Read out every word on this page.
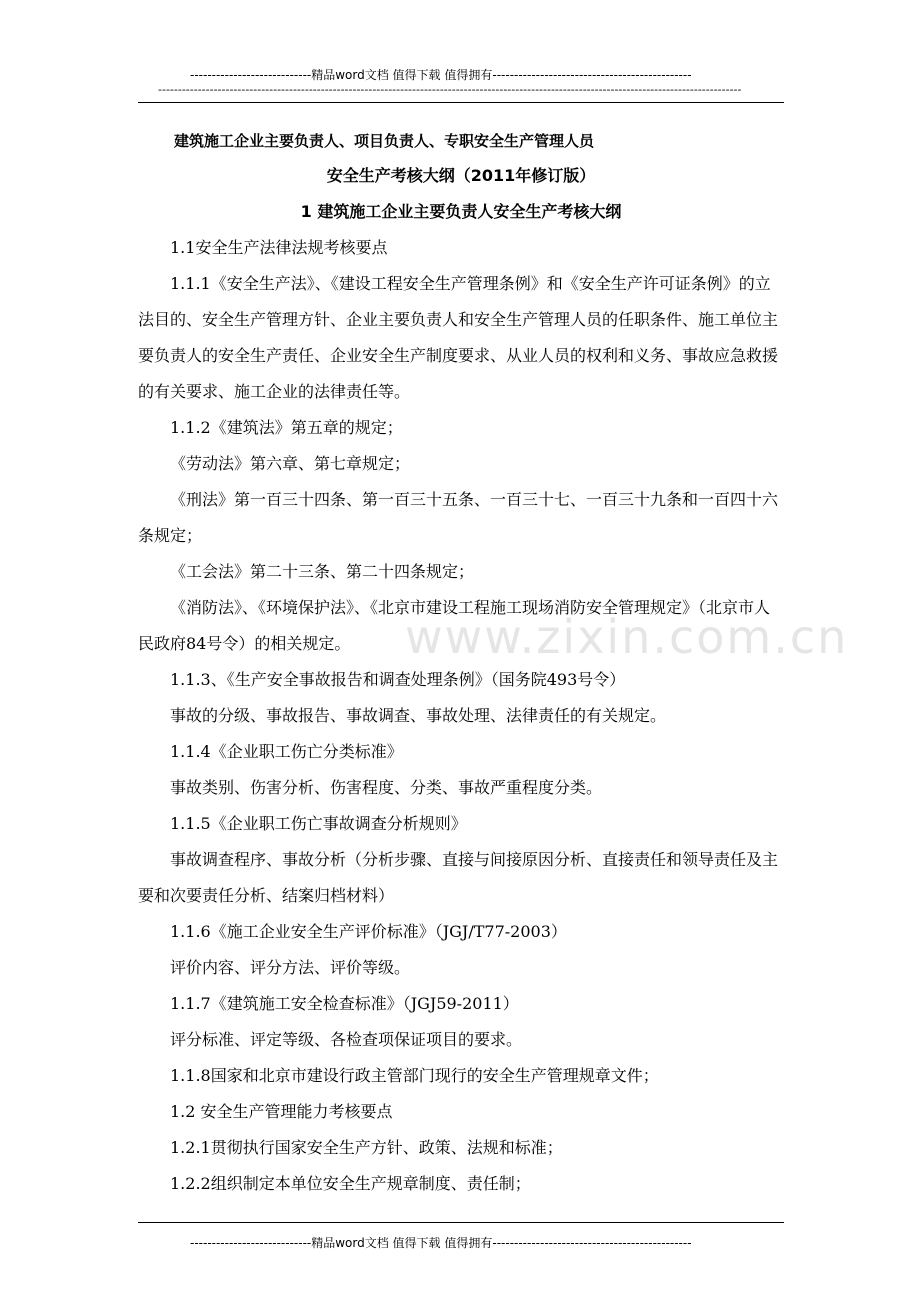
----------------------------精品word文档 值得下载 值得拥有----------------------------------------------
---------------------------------------------------------------------------------------------------------------------------------------------------
建筑施工企业主要负责人、项目负责人、专职安全生产管理人员
安全生产考核大纲（2011年修订版）
1 建筑施工企业主要负责人安全生产考核大纲

1.1安全生产法律法规考核要点

1.1.1《安全生产法》、《建设工程安全生产管理条例》和《安全生产许可证条例》的立法目的、安全生产管理方针、企业主要负责人和安全生产管理人员的任职条件、施工单位主要负责人的安全生产责任、企业安全生产制度要求、从业人员的权利和义务、事故应急救援的有关要求、施工企业的法律责任等。

1.1.2《建筑法》第五章的规定；

《劳动法》第六章、第七章规定；

《刑法》第一百三十四条、第一百三十五条、一百三十七、一百三十九条和一百四十六条规定；

《工会法》第二十三条、第二十四条规定；

《消防法》、《环境保护法》、《北京市建设工程施工现场消防安全管理规定》（北京市人民政府84号令）的相关规定。

1.1.3、《生产安全事故报告和调查处理条例》（国务院493号令）

事故的分级、事故报告、事故调查、事故处理、法律责任的有关规定。

1.1.4《企业职工伤亡分类标准》

事故类别、伤害分析、伤害程度、分类、事故严重程度分类。

1.1.5《企业职工伤亡事故调查分析规则》

事故调查程序、事故分析（分析步骤、直接与间接原因分析、直接责任和领导责任及主要和次要责任分析、结案归档材料）

1.1.6《施工企业安全生产评价标准》（JGJ/T77-2003）

评价内容、评分方法、评价等级。

1.1.7《建筑施工安全检查标准》（JGJ59-2011）

评分标准、评定等级、各检查项保证项目的要求。

1.1.8国家和北京市建设行政主管部门现行的安全生产管理规章文件；

1.2 安全生产管理能力考核要点

1.2.1贯彻执行国家安全生产方针、政策、法规和标准；

1.2.2组织制定本单位安全生产规章制度、责任制；

www.zixin.com.cn
----------------------------精品word文档 值得下载 值得拥有----------------------------------------------
